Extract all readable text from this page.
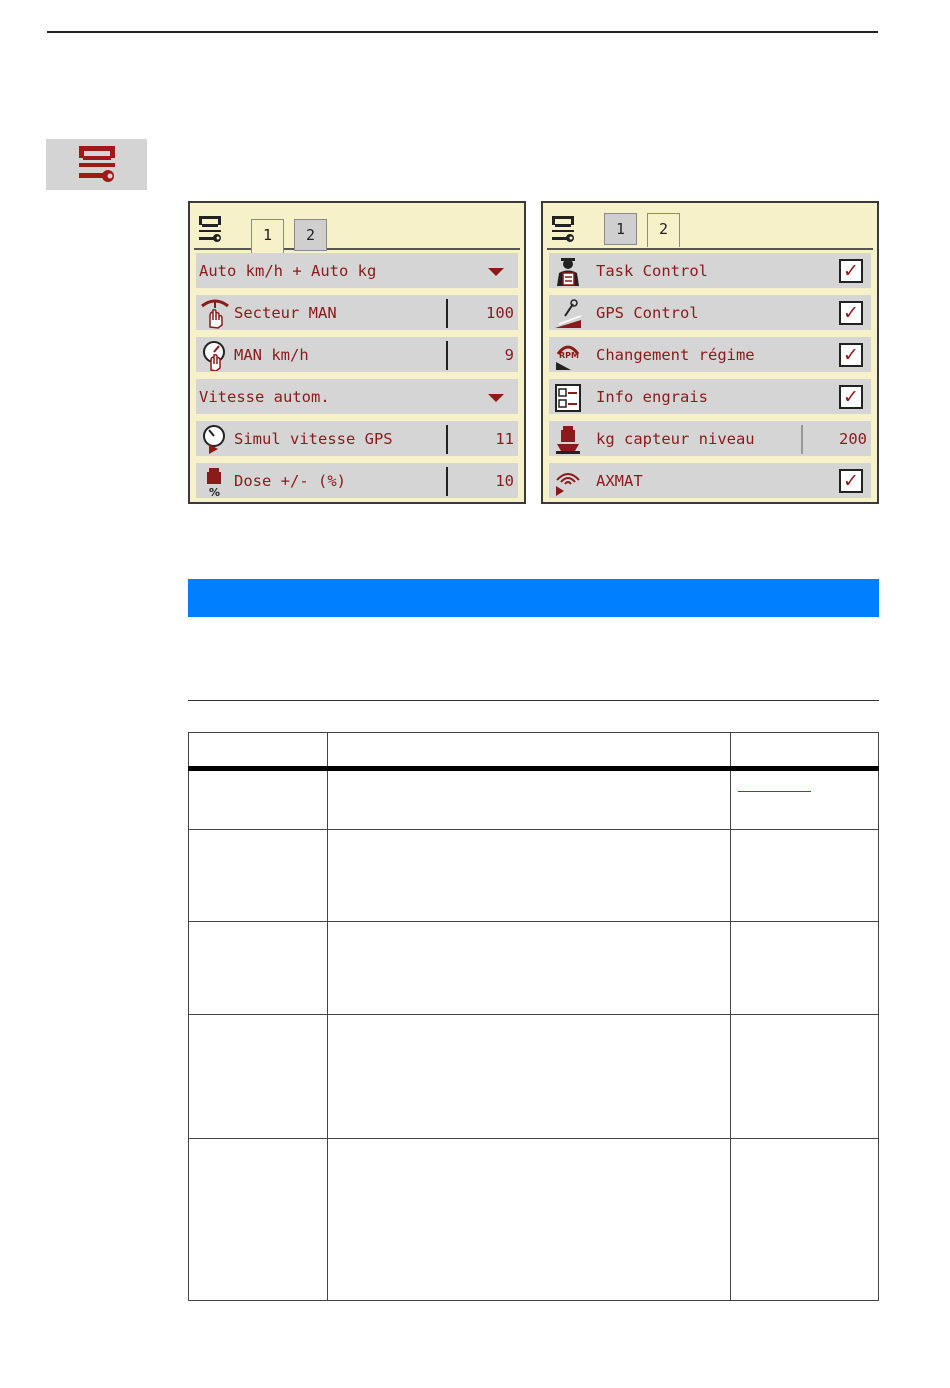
1	2
Auto km/h + Auto kg
Secteur MAN	100
MAN km/h	9
Vitesse autom.
Simul vitesse GPS	11
%
Dose +/- (%)	10
1	2
Task Control	✓
GPS Control	✓
RPM Changement régime	✓
Info engrais	✓
kg capteur niveau	200
AXMAT	✓
